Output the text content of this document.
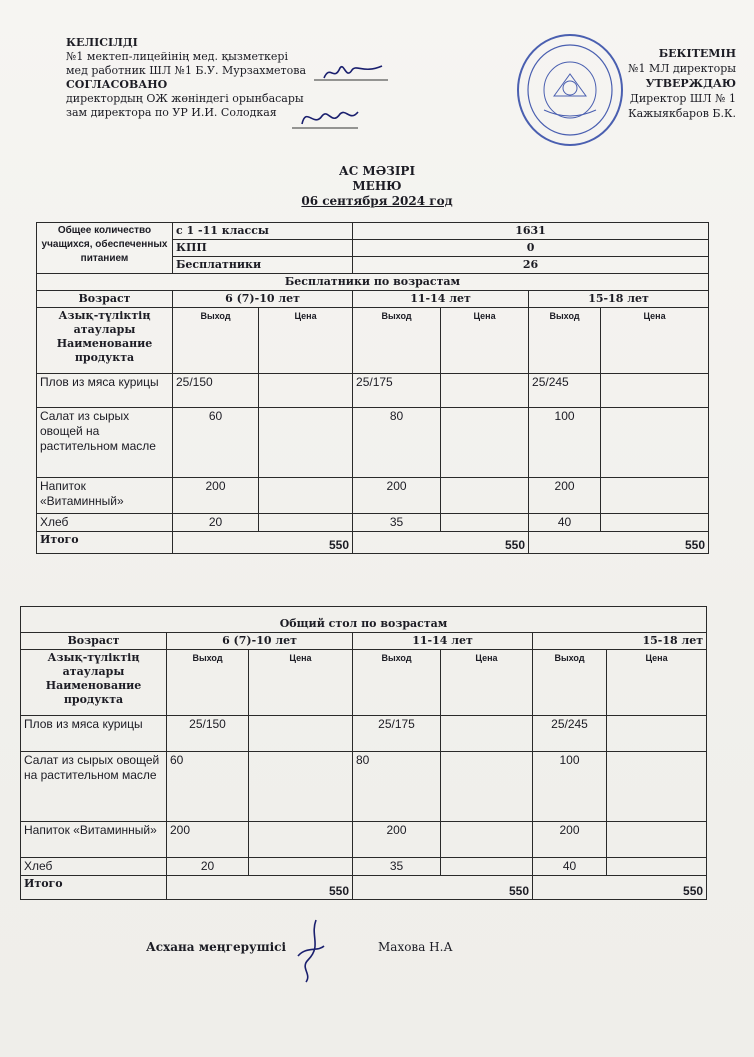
КЕЛІСІЛДІ
№1 мектеп-лицейінің мед. қызметкері
мед работник ШЛ №1 Б.У. Мурзахметова
СОГЛАСОВАНО
директордың ОЖ жөніндегі орынбасары
зам директора по УР И.И. Солодкая
БЕКІТЕМІН
№1 МЛ директоры
УТВЕРЖДАЮ
Директор ШЛ № 1
Кажыякбаров Б.К.
АС МӘЗІРІ
МЕНЮ
06 сентября 2024 год
Общее количество учащихся, обеспеченных питанием	с 1 -11 классы		1631			
	КПП		0			
	Бесплатники		26			
Бесплатники по возрастам						
Возраст	6 (7)-10 лет		11-14 лет		15-18 лет	
Азық-түліктің атаулары Наименование продукта	Выход	Цена	Выход	Цена	Выход	Цена
Плов из мяса курицы	25/150		25/175		25/245	
Салат из сырых овощей на растительном масле	60		80		100	
Напиток «Витаминный»	200		200		200	
Хлеб	20		35		40	
Итого	550		550		550	
Общий стол по возрастам						
Возраст	6 (7)-10 лет		11-14 лет		15-18 лет	
Азық-түліктің атаулары Наименование продукта	Выход	Цена	Выход	Цена	Выход	Цена
Плов из мяса курицы	25/150		25/175		25/245	
Салат из сырых овощей на растительном масле	60		80		100	
Напиток «Витаминный»	200		200		200	
Хлеб	20		35		40	
Итого	550		550		550	
Асхана меңгерушісі	Махова Н.А
